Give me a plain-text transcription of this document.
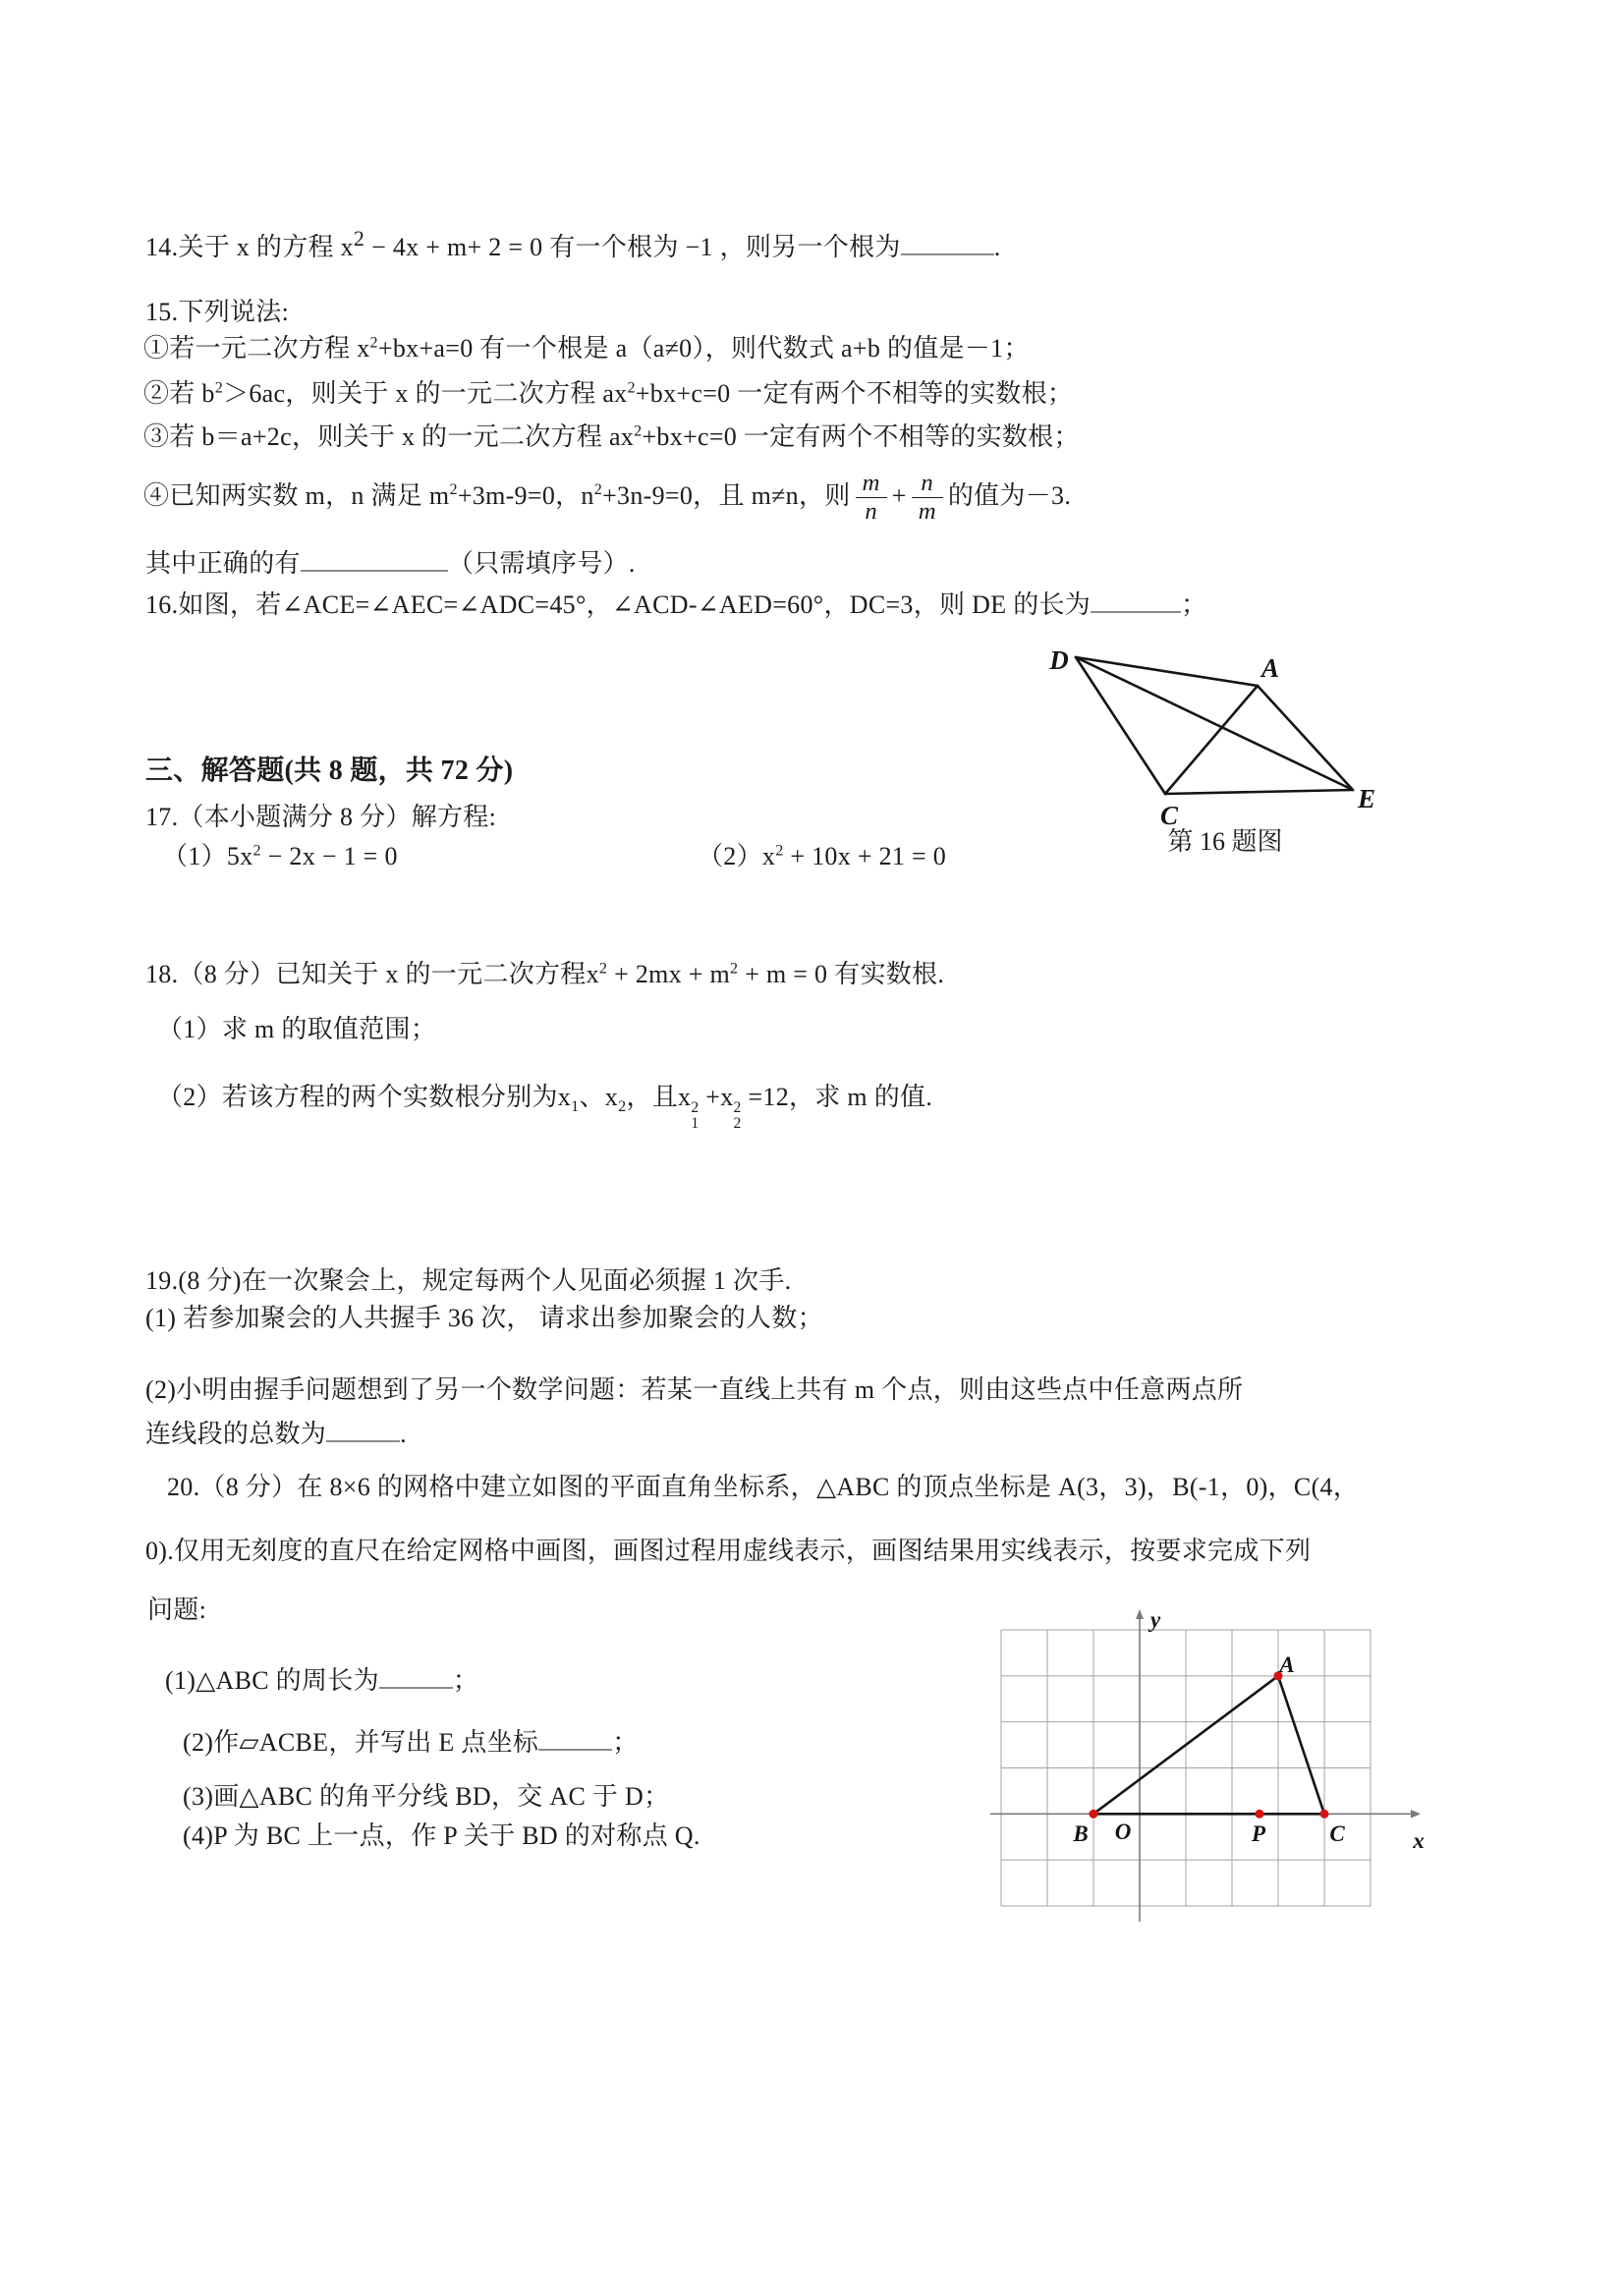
14.关于 x 的方程 x2 − 4x + m+ 2 = 0 有一个根为 −1 ，则另一个根为	.
15.下列说法:
①若一元二次方程 $x^2+bx+a=0$ 有一个根是 a（a≠0），则代数式 a+b 的值是－1；
②若 $b^2>6ac$，则关于 x 的一元二次方程 $ax^2+bx+c=0$ 一定有两个不相等的实数根；
③若 b＝a+2c，则关于 x 的一元二次方程 $ax^2+bx+c=0$ 一定有两个不相等的实数根；
④已知两实数 m，n 满足 $m^2+3m-9=0$，$n^2+3n-9=0$，且 m≠n，则 $\frac{m}{n} + \frac{n}{m}$ 的值为－3.
其中正确的有	（只需填序号）.
16.如图，若∠ACE=∠AEC=∠ADC=45°，∠ACD-∠AED=60°，DC=3，则 DE 的长为	；
三、解答题(共 8 题，共 72 分)
17.（本小题满分 8 分）解方程:
$(1)5x^2 - 2x - 1 = 0$	$(2)x^2 + 10x + 21 = 0$
18.（8 分）已知关于 x 的一元二次方程$x^2 + 2mx + m^2 + m = 0$ 有实数根.
（1）求 m 的取值范围；
（2）若该方程的两个实数根分别为$x_1$、$x_2$，且x 2
1
+x 2
2
=12，求 m 的值.
19.(8 分)在一次聚会上，规定每两个人见面必须握 1 次手.
(1) 若参加聚会的人共握手 36 次， 请求出参加聚会的人数；
(2)小明由握手问题想到了另一个数学问题：若某一直线上共有 m 个点，则由这些点中任意两点所
连线段的总数为	.
20.（8 分）在 8×6 的网格中建立如图的平面直角坐标系，△ABC 的顶点坐标是 A(3，3)，B(-1，0)，C(4，
0).仅用无刻度的直尺在给定网格中画图，画图过程用虚线表示，画图结果用实线表示，按要求完成下列
问题:
(1)△ABC 的周长为	；
(2)作▱ACBE，并写出 E 点坐标	；
(3)画△ABC 的角平分线 BD，交 AC 于 D；
(4)P 为 BC 上一点，作 P 关于 BD 的对称点 Q.
D	A
C
E
第 16 题图
y
x
O
B	P	C
A
